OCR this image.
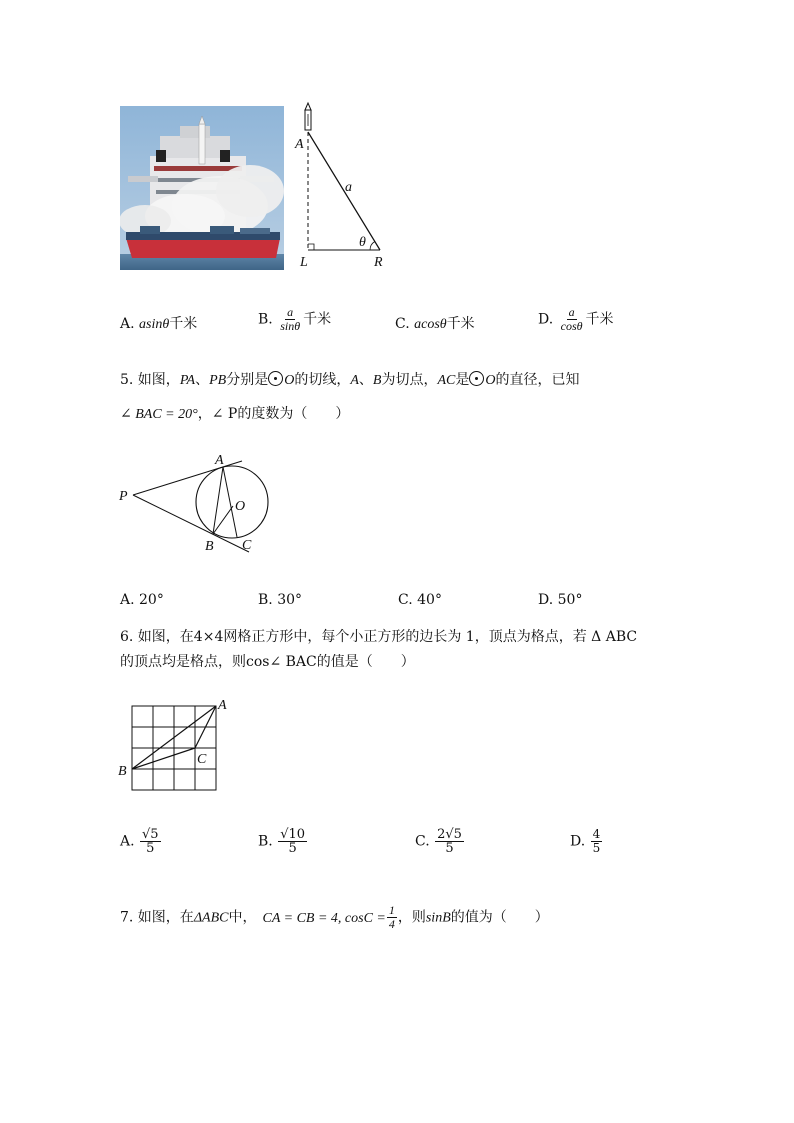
A
a
θ
L	R
A. asinθ千米	B. $\frac{a}{\sin\theta}$ 千米	C. acosθ千米	D. $\frac{a}{\cos\theta}$ 千米
5. 如图，PA、PB分别是 O的切线，A、B为切点，AC是 O的直径，已知
∠ BAC = 20°，∠ P的度数为（　　）
P
A
O
B C
A. 20°	B. 30°	C. 40°	D. 50°
6. 如图，在4×4网格正方形中，每个小正方形的边长为 1，顶点为格点，若 Δ ABC
的顶点均是格点，则cos∠ BAC的值是（　　）
A
B
C
A. $\frac{√5}{5}$	B. $\frac{√10}{5}$	C. $\frac{2√5}{5}$	D. $\frac{4}{5}$
7. 如图，在ΔABC中， CA = CB = 4, $\cos C = \frac{1}{4}$ ，则sinB的值为（　　）
